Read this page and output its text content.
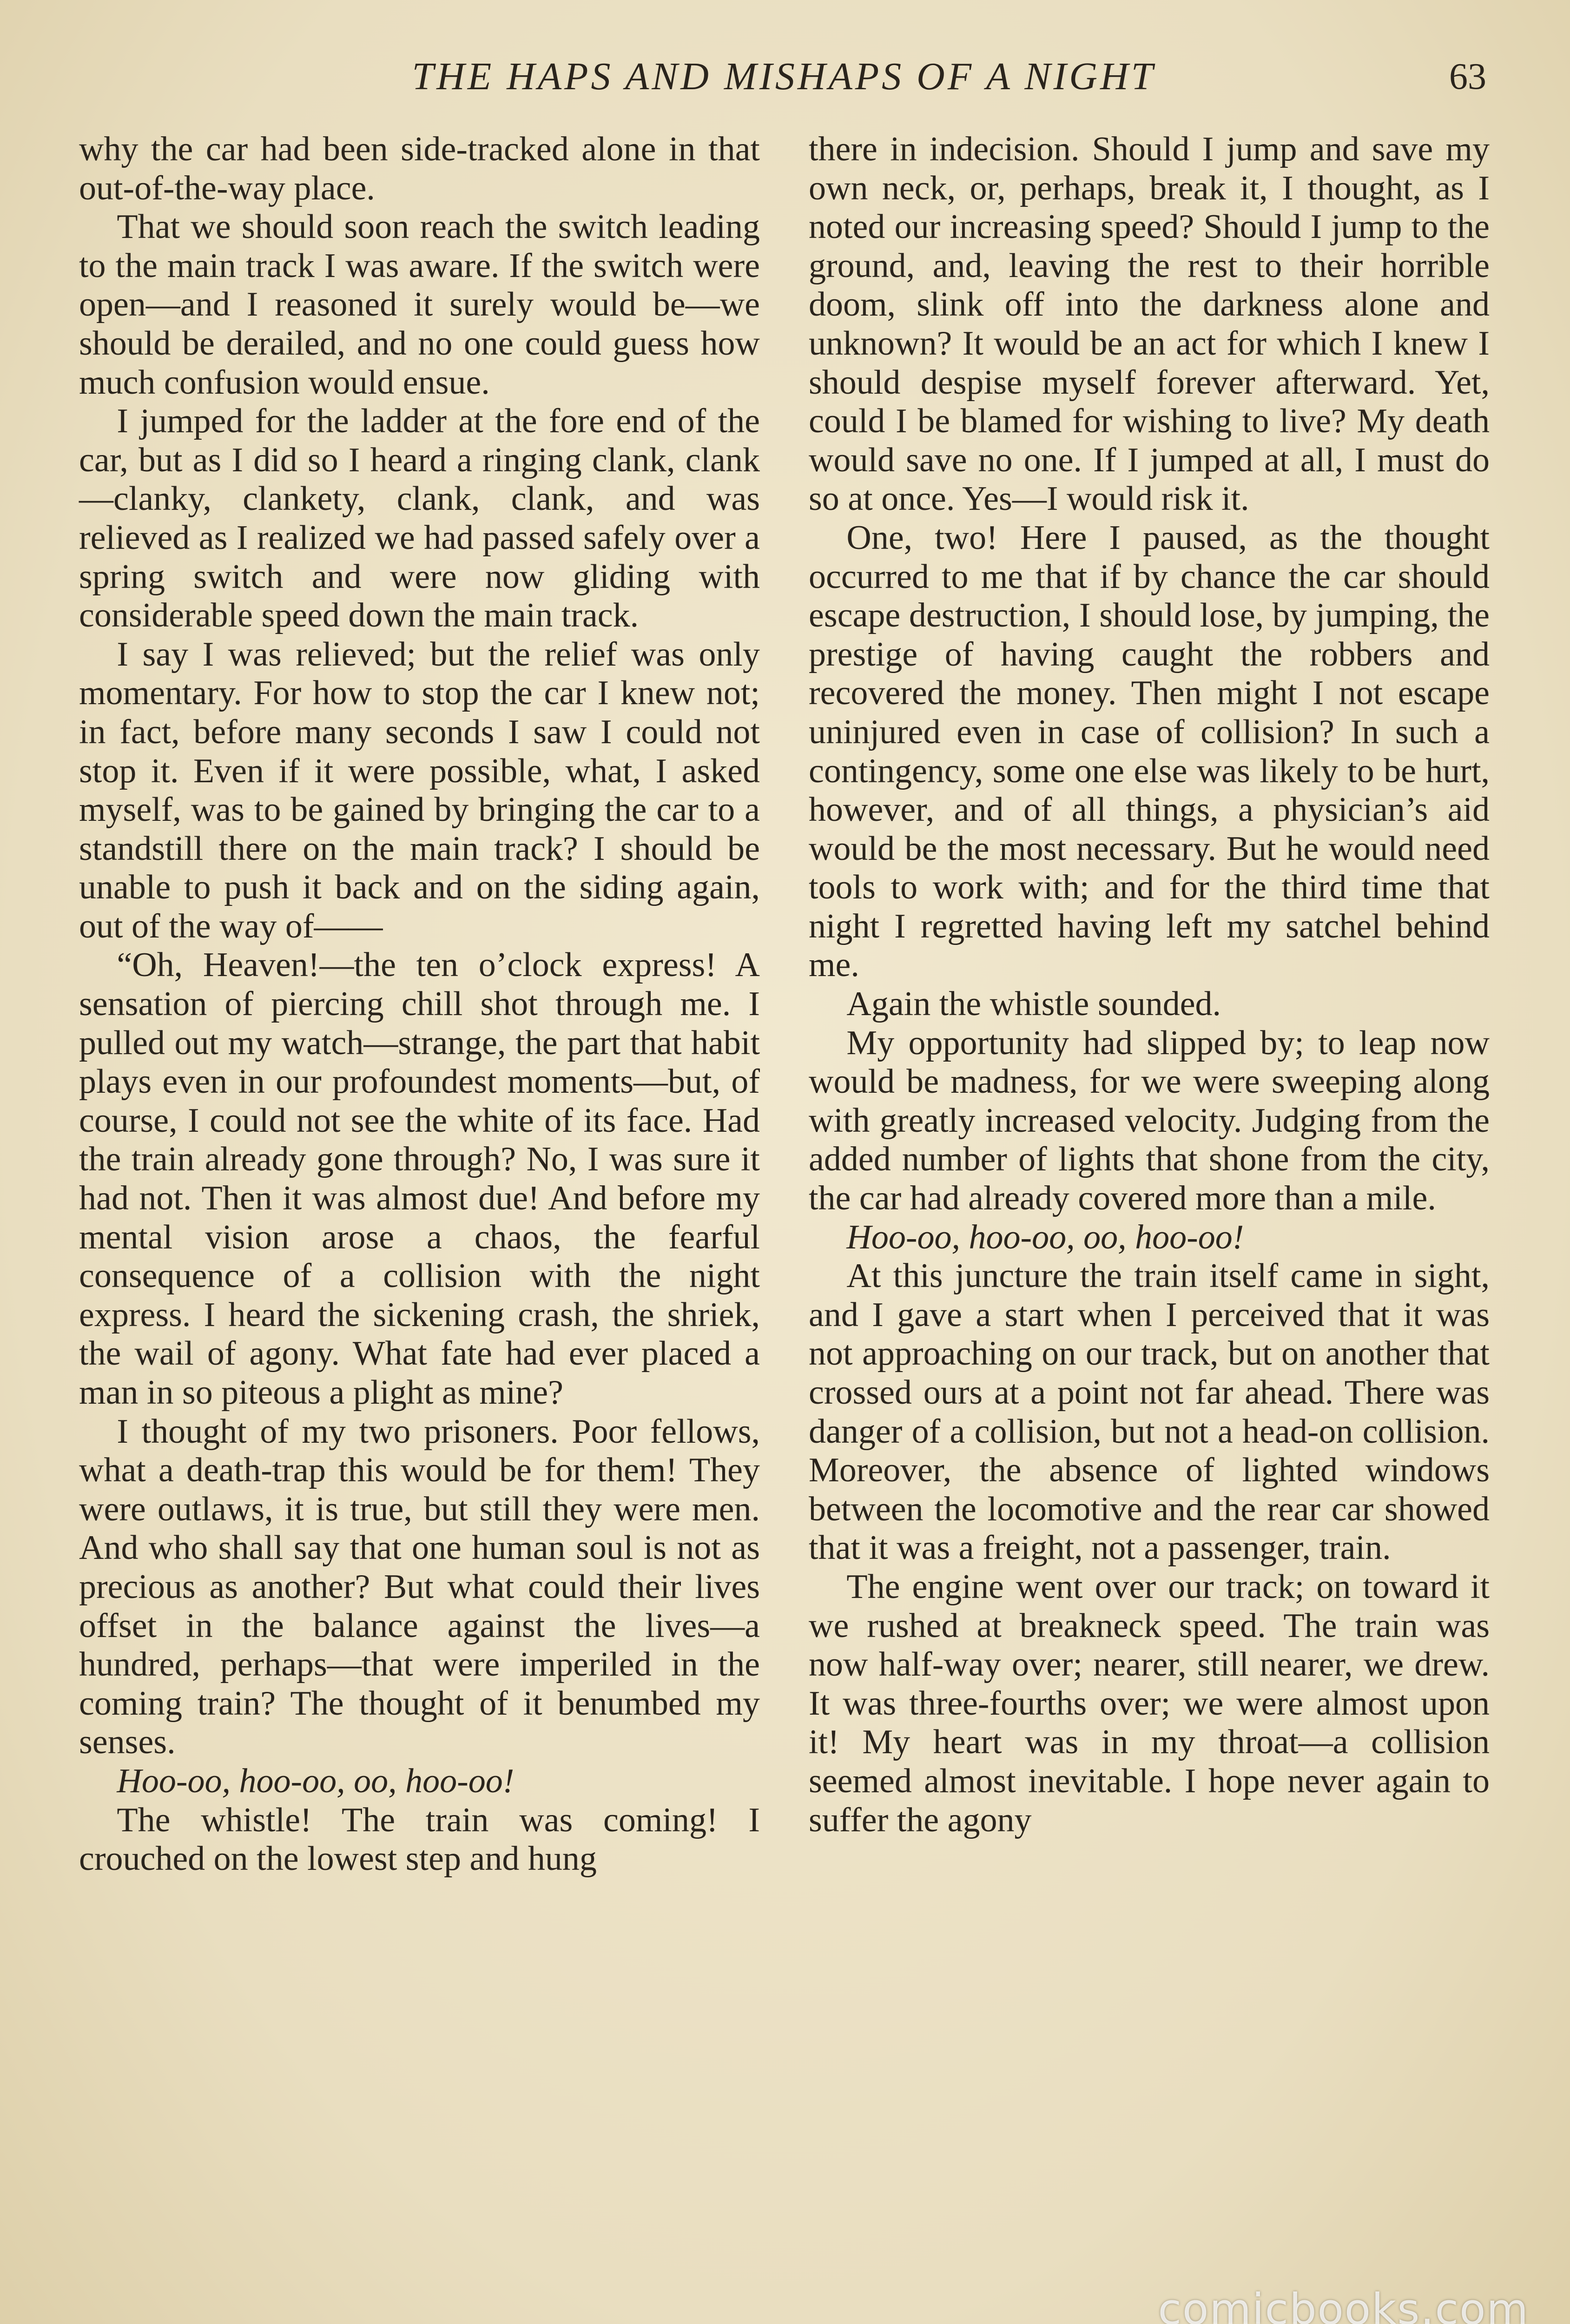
THE HAPS AND MISHAPS OF A NIGHT	63

why the car had been side-tracked alone in that out-of-the-way place.

That we should soon reach the switch leading to the main track I was aware. If the switch were open—and I reasoned it surely would be—we should be derailed, and no one could guess how much confusion would ensue.

I jumped for the ladder at the fore end of the car, but as I did so I heard a ringing clank, clank—clanky, clankety, clank, clank, and was relieved as I realized we had passed safely over a spring switch and were now gliding with considerable speed down the main track.

I say I was relieved; but the relief was only momentary. For how to stop the car I knew not; in fact, before many seconds I saw I could not stop it. Even if it were possible, what, I asked myself, was to be gained by bringing the car to a standstill there on the main track? I should be unable to push it back and on the siding again, out of the way of——

“Oh, Heaven!—the ten o’clock express! A sensation of piercing chill shot through me. I pulled out my watch—strange, the part that habit plays even in our profoundest moments—but, of course, I could not see the white of its face. Had the train already gone through? No, I was sure it had not. Then it was almost due! And before my mental vision arose a chaos, the fearful consequence of a collision with the night express. I heard the sickening crash, the shriek, the wail of agony. What fate had ever placed a man in so piteous a plight as mine?

I thought of my two prisoners. Poor fellows, what a death-trap this would be for them! They were outlaws, it is true, but still they were men. And who shall say that one human soul is not as precious as another? But what could their lives offset in the balance against the lives—a hundred, perhaps—that were imperiled in the coming train? The thought of it benumbed my senses.

Hoo-oo, hoo-oo, oo, hoo-oo!

The whistle! The train was coming! I crouched on the lowest step and hung

there in indecision. Should I jump and save my own neck, or, perhaps, break it, I thought, as I noted our increasing speed? Should I jump to the ground, and, leaving the rest to their horrible doom, slink off into the darkness alone and unknown? It would be an act for which I knew I should despise myself forever afterward. Yet, could I be blamed for wishing to live? My death would save no one. If I jumped at all, I must do so at once. Yes—I would risk it.

One, two! Here I paused, as the thought occurred to me that if by chance the car should escape destruction, I should lose, by jumping, the prestige of having caught the robbers and recovered the money. Then might I not escape uninjured even in case of collision? In such a contingency, some one else was likely to be hurt, however, and of all things, a physician’s aid would be the most necessary. But he would need tools to work with; and for the third time that night I regretted having left my satchel behind me.

Again the whistle sounded.

My opportunity had slipped by; to leap now would be madness, for we were sweeping along with greatly increased velocity. Judging from the added number of lights that shone from the city, the car had already covered more than a mile.

Hoo-oo, hoo-oo, oo, hoo-oo!

At this juncture the train itself came in sight, and I gave a start when I perceived that it was not approaching on our track, but on another that crossed ours at a point not far ahead. There was danger of a collision, but not a head-on collision. Moreover, the absence of lighted windows between the locomotive and the rear car showed that it was a freight, not a passenger, train.

The engine went over our track; on toward it we rushed at breakneck speed. The train was now half-way over; nearer, still nearer, we drew. It was three-fourths over; we were almost upon it! My heart was in my throat—a collision seemed almost inevitable. I hope never again to suffer the agony

comicbooks.com
